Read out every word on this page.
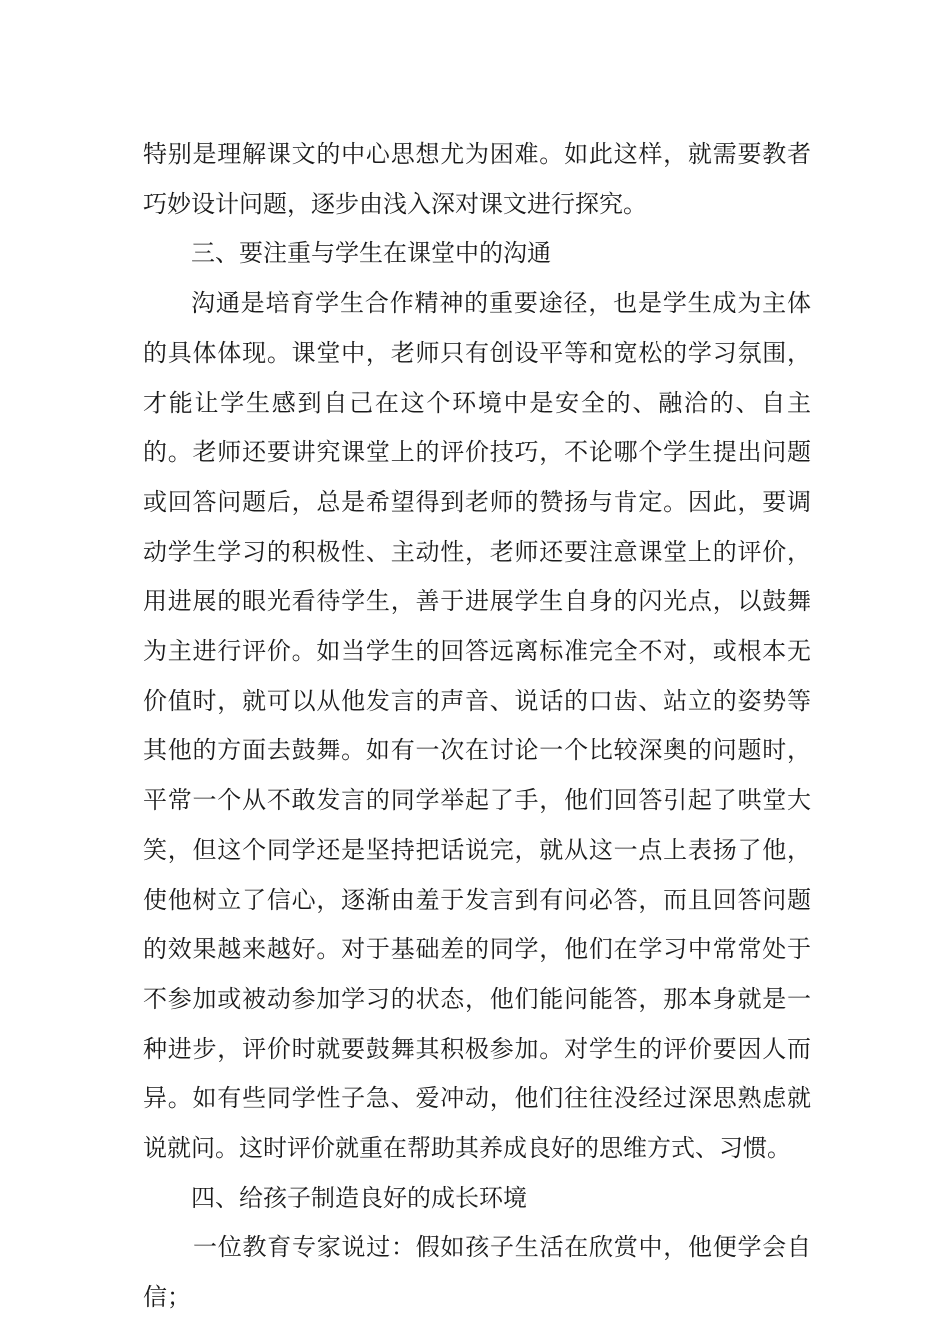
特别是理解课文的中心思想尤为困难。如此这样，就需要教者巧妙设计问题，逐步由浅入深对课文进行探究。

三、要注重与学生在课堂中的沟通

沟通是培育学生合作精神的重要途径，也是学生成为主体的具体体现。课堂中，老师只有创设平等和宽松的学习氛围，才能让学生感到自己在这个环境中是安全的、融洽的、自主的。老师还要讲究课堂上的评价技巧，不论哪个学生提出问题或回答问题后，总是希望得到老师的赞扬与肯定。因此，要调动学生学习的积极性、主动性，老师还要注意课堂上的评价，用进展的眼光看待学生，善于进展学生自身的闪光点，以鼓舞为主进行评价。如当学生的回答远离标准完全不对，或根本无价值时，就可以从他发言的声音、说话的口齿、站立的姿势等其他的方面去鼓舞。如有一次在讨论一个比较深奥的问题时，平常一个从不敢发言的同学举起了手，他们回答引起了哄堂大笑，但这个同学还是坚持把话说完，就从这一点上表扬了他，使他树立了信心，逐渐由羞于发言到有问必答，而且回答问题的效果越来越好。对于基础差的同学，他们在学习中常常处于不参加或被动参加学习的状态，他们能问能答，那本身就是一种进步，评价时就要鼓舞其积极参加。对学生的评价要因人而异。如有些同学性子急、爱冲动，他们往往没经过深思熟虑就说就问。这时评价就重在帮助其养成良好的思维方式、习惯。

四、给孩子制造良好的成长环境

一位教育专家说过：假如孩子生活在欣赏中，他便学会自信；
